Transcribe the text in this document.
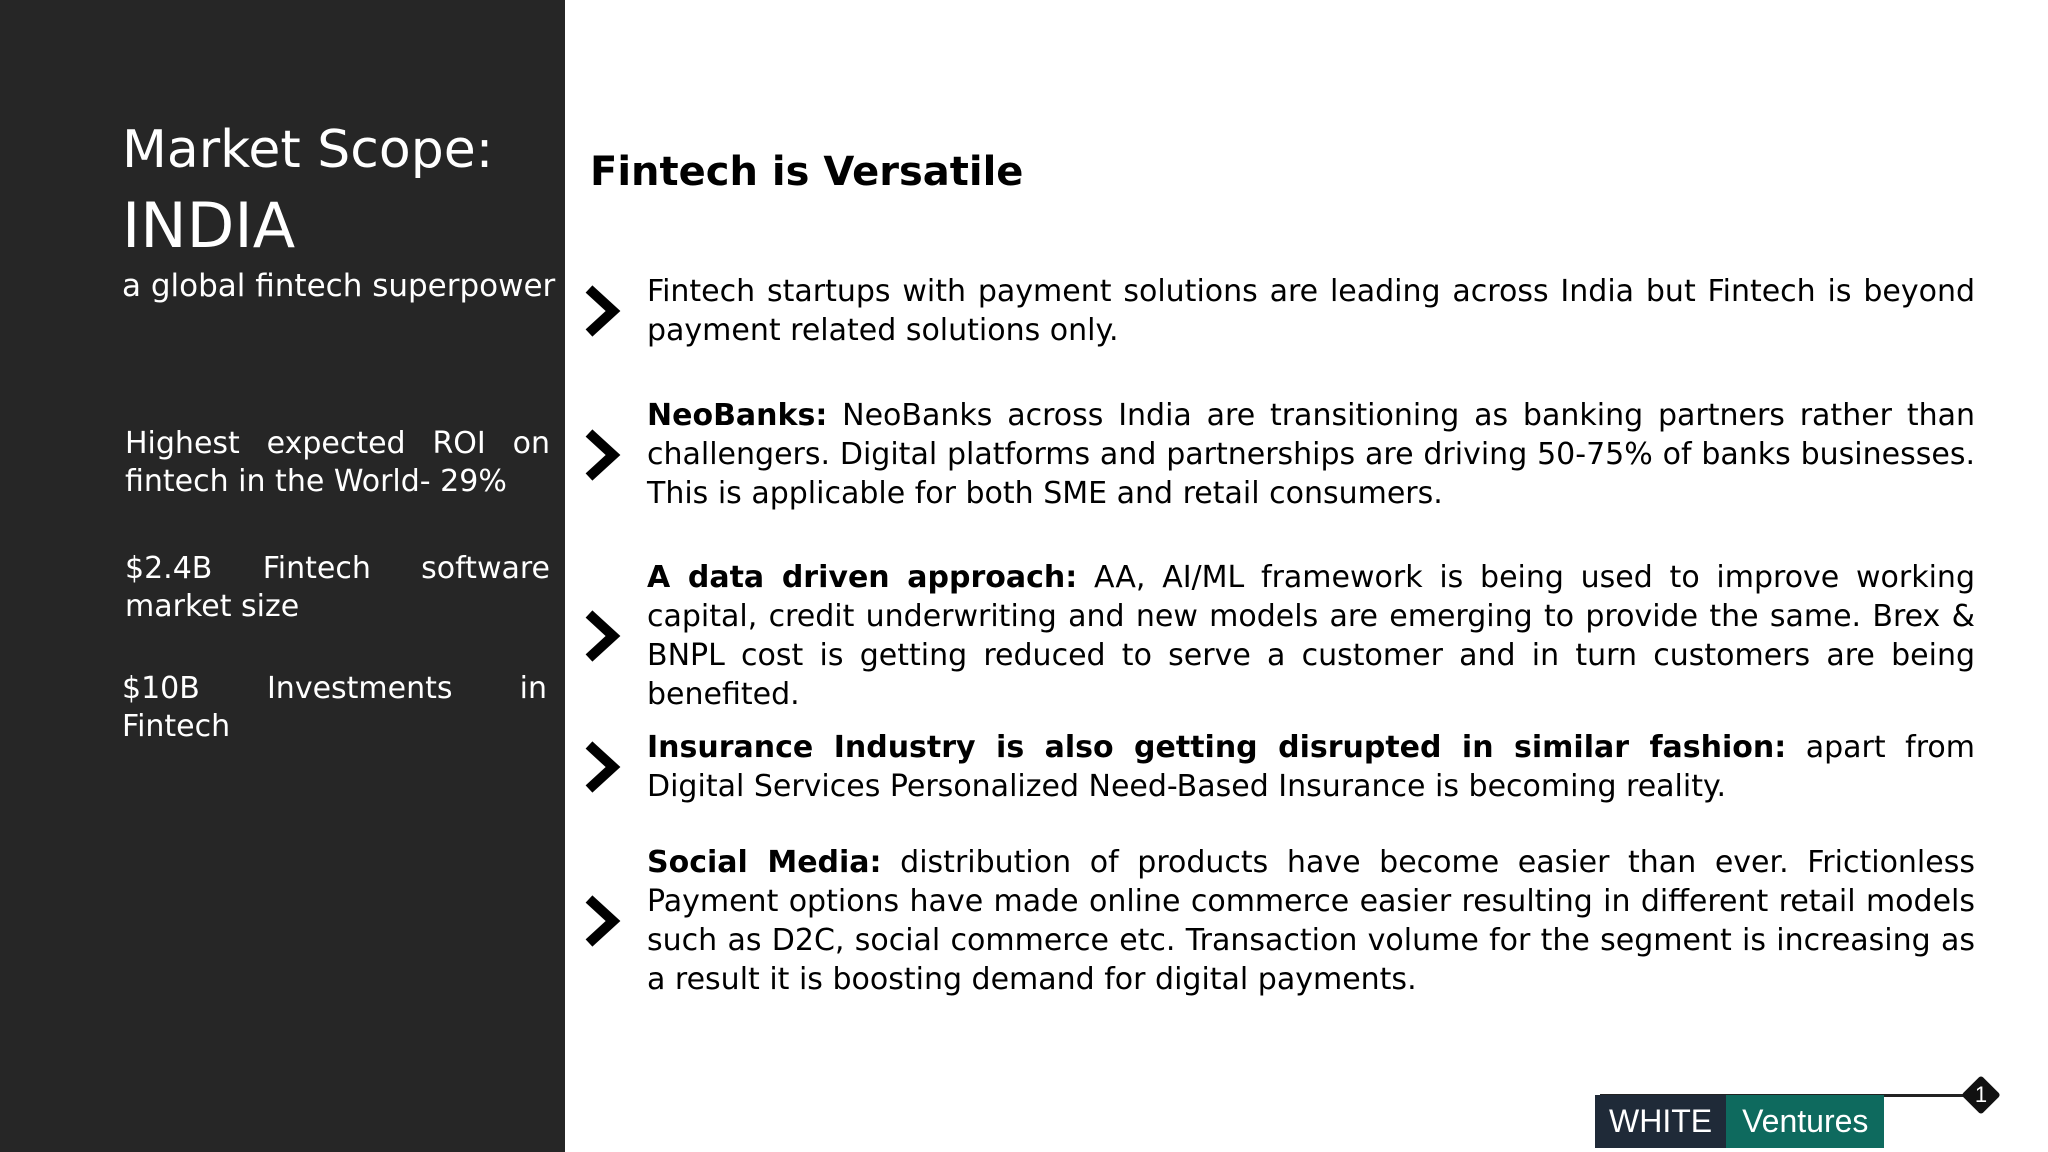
Market Scope:
INDIA
a global fintech superpower
Highest expected ROI on fintech in the World- 29%
$2.4B Fintech software market size
$10B Investments in Fintech
Fintech is Versatile
Fintech startups with payment solutions are leading across India but Fintech is beyond payment related solutions only.
NeoBanks: NeoBanks across India are transitioning as banking partners rather than challengers. Digital platforms and partnerships are driving 50-75% of banks businesses. This is applicable for both SME and retail consumers.
A data driven approach: AA, AI/ML framework is being used to improve working capital, credit underwriting and new models are emerging to provide the same. Brex & BNPL cost is getting reduced to serve a customer and in turn customers are being benefited.
Insurance Industry is also getting disrupted in similar fashion: apart from Digital Services Personalized Need-Based Insurance is becoming reality.
Social Media: distribution of products have become easier than ever. Frictionless Payment options have made online commerce easier resulting in different retail models such as D2C, social commerce etc. Transaction volume for the segment is increasing as a result it is boosting demand for digital payments.
1
WHITE Ventures
